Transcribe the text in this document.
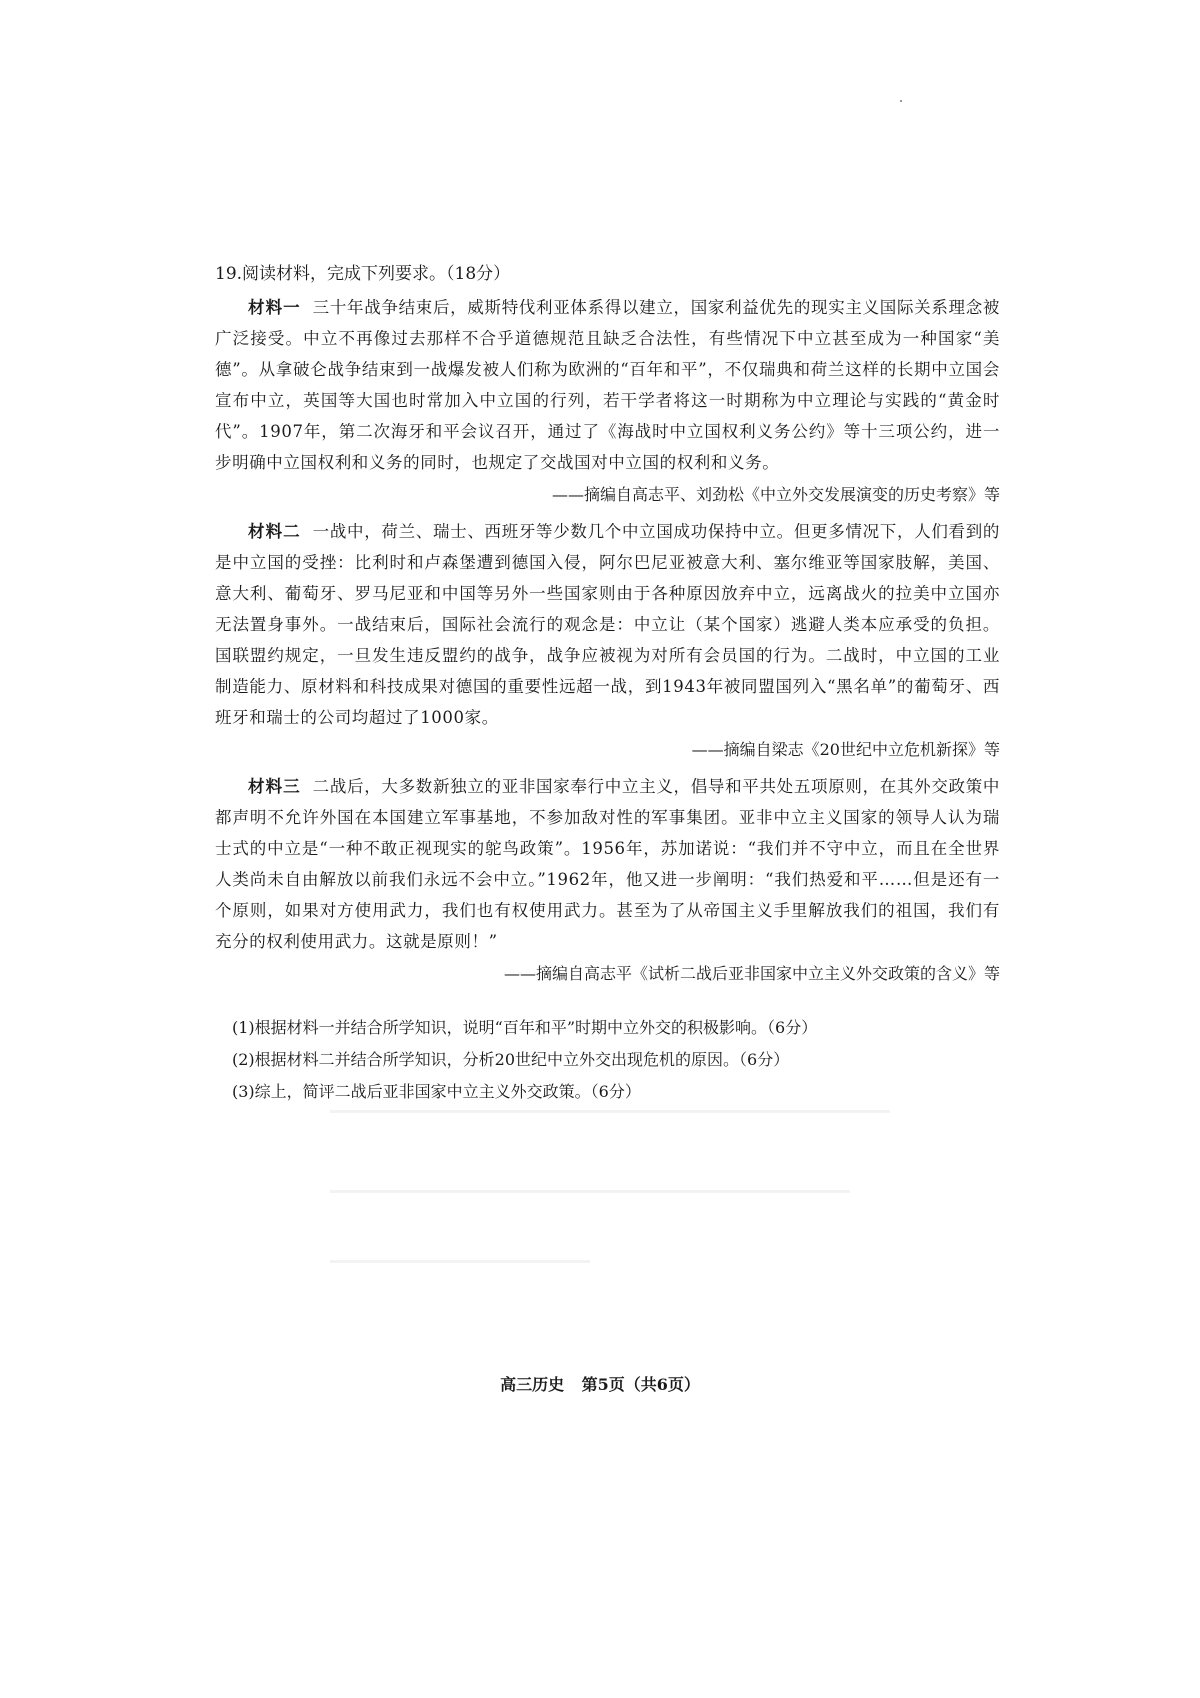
19.阅读材料，完成下列要求。（18分）

材料一 三十年战争结束后，威斯特伐利亚体系得以建立，国家利益优先的现实主义国际关系理念被广泛接受。中立不再像过去那样不合乎道德规范且缺乏合法性，有些情况下中立甚至成为一种国家“美德”。从拿破仑战争结束到一战爆发被人们称为欧洲的“百年和平”，不仅瑞典和荷兰这样的长期中立国会宣布中立，英国等大国也时常加入中立国的行列，若干学者将这一时期称为中立理论与实践的“黄金时代”。1907年，第二次海牙和平会议召开，通过了《海战时中立国权利义务公约》等十三项公约，进一步明确中立国权利和义务的同时，也规定了交战国对中立国的权利和义务。

——摘编自高志平、刘劲松《中立外交发展演变的历史考察》等

材料二 一战中，荷兰、瑞士、西班牙等少数几个中立国成功保持中立。但更多情况下，人们看到的是中立国的受挫：比利时和卢森堡遭到德国入侵，阿尔巴尼亚被意大利、塞尔维亚等国家肢解，美国、意大利、葡萄牙、罗马尼亚和中国等另外一些国家则由于各种原因放弃中立，远离战火的拉美中立国亦无法置身事外。一战结束后，国际社会流行的观念是：中立让（某个国家）逃避人类本应承受的负担。国联盟约规定，一旦发生违反盟约的战争，战争应被视为对所有会员国的行为。二战时，中立国的工业制造能力、原材料和科技成果对德国的重要性远超一战，到1943年被同盟国列入“黑名单”的葡萄牙、西班牙和瑞士的公司均超过了1000家。

——摘编自梁志《20世纪中立危机新探》等

材料三 二战后，大多数新独立的亚非国家奉行中立主义，倡导和平共处五项原则，在其外交政策中都声明不允许外国在本国建立军事基地，不参加敌对性的军事集团。亚非中立主义国家的领导人认为瑞士式的中立是“一种不敢正视现实的鸵鸟政策”。1956年，苏加诺说：“我们并不守中立，而且在全世界人类尚未自由解放以前我们永远不会中立。”1962年，他又进一步阐明：“我们热爱和平……但是还有一个原则，如果对方使用武力，我们也有权使用武力。甚至为了从帝国主义手里解放我们的祖国，我们有充分的权利使用武力。这就是原则！”

——摘编自高志平《试析二战后亚非国家中立主义外交政策的含义》等

(1)根据材料一并结合所学知识，说明“百年和平”时期中立外交的积极影响。（6分）

(2)根据材料二并结合所学知识，分析20世纪中立外交出现危机的原因。（6分）

(3)综上，简评二战后亚非国家中立主义外交政策。（6分）

高三历史 第5页（共6页）
